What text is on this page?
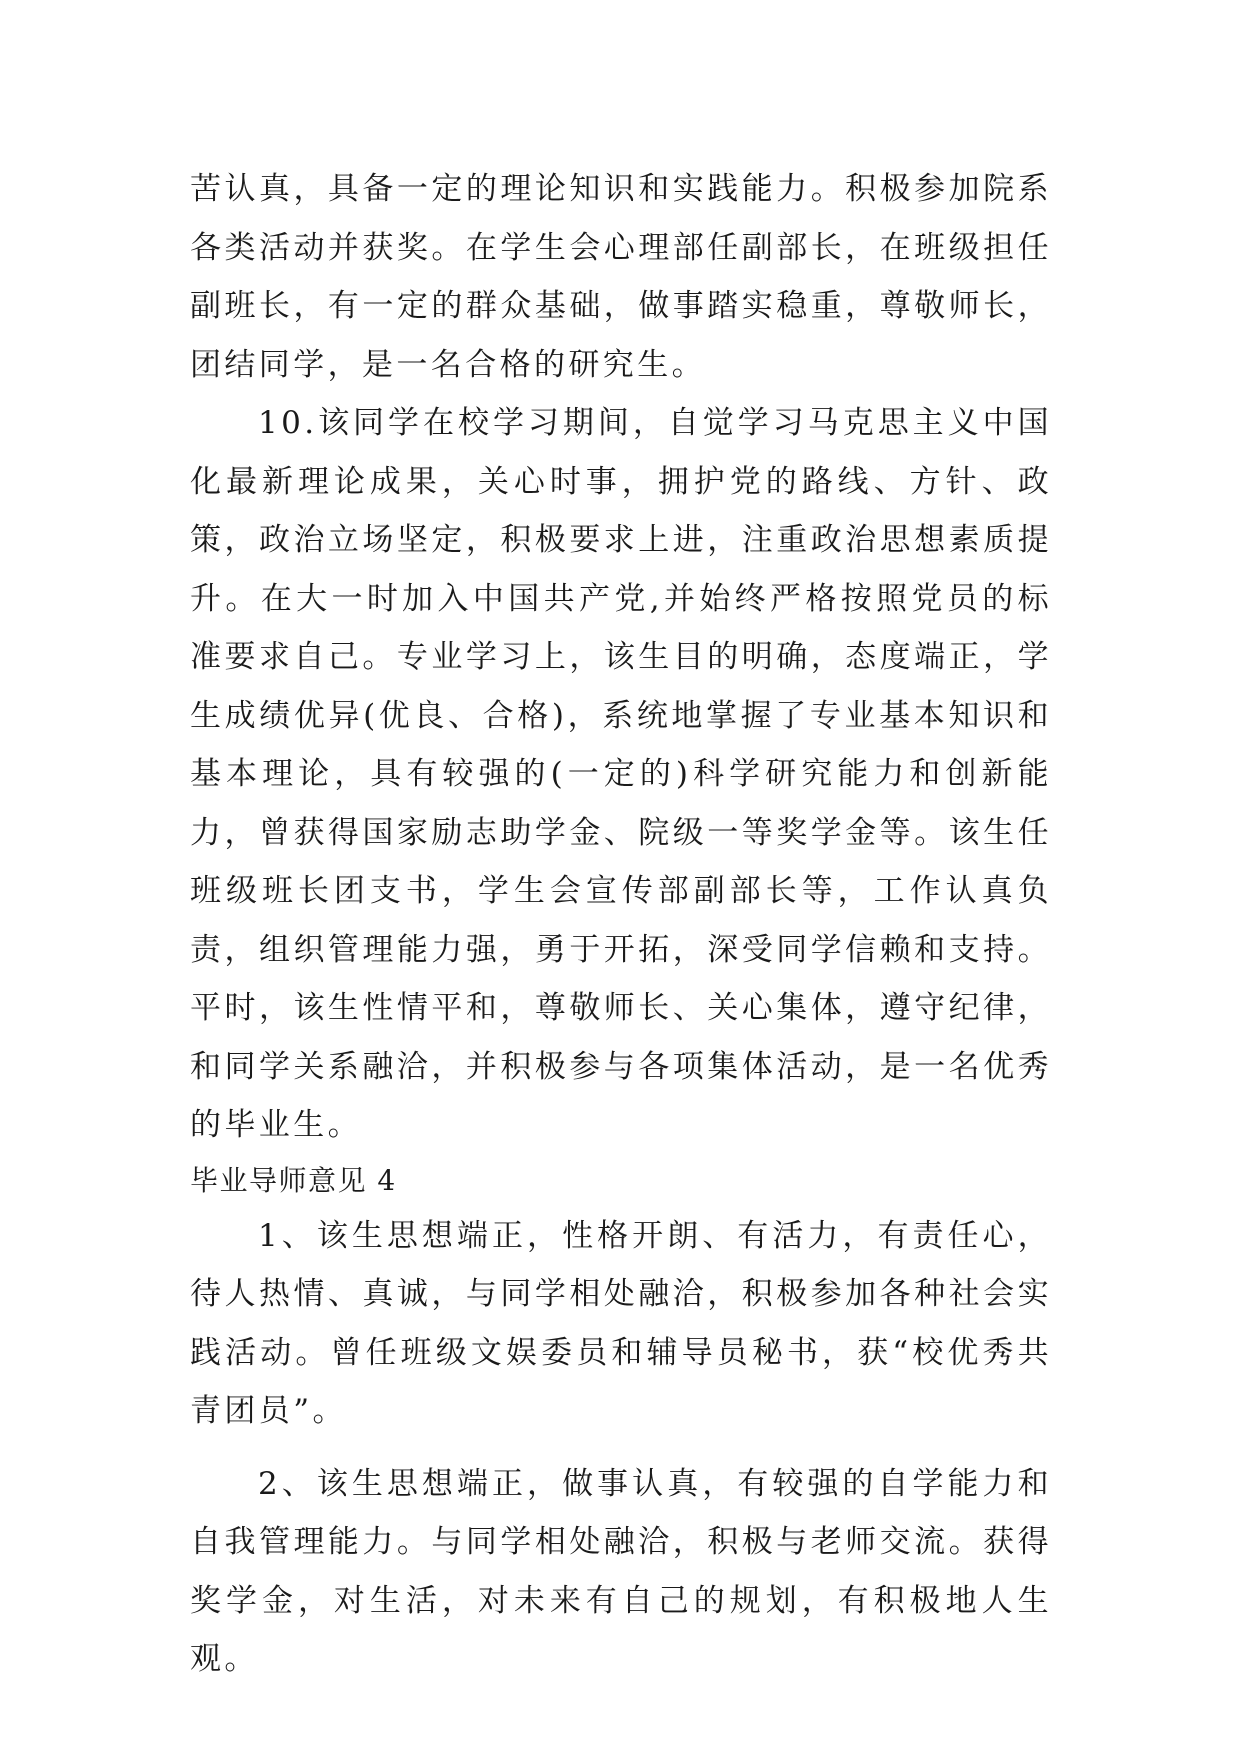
苦认真，具备一定的理论知识和实践能力。积极参加院系各类活动并获奖。在学生会心理部任副部长，在班级担任副班长，有一定的群众基础，做事踏实稳重，尊敬师长，团结同学，是一名合格的研究生。

10.该同学在校学习期间，自觉学习马克思主义中国化最新理论成果，关心时事，拥护党的路线、方针、政策，政治立场坚定，积极要求上进，注重政治思想素质提升。在大一时加入中国共产党,并始终严格按照党员的标准要求自己。专业学习上，该生目的明确，态度端正，学生成绩优异(优良、合格)，系统地掌握了专业基本知识和基本理论，具有较强的(一定的)科学研究能力和创新能力，曾获得国家励志助学金、院级一等奖学金等。该生任班级班长团支书，学生会宣传部副部长等，工作认真负责，组织管理能力强，勇于开拓，深受同学信赖和支持。平时，该生性情平和，尊敬师长、关心集体，遵守纪律，和同学关系融洽，并积极参与各项集体活动，是一名优秀的毕业生。

毕业导师意见 4

1、该生思想端正，性格开朗、有活力，有责任心，待人热情、真诚，与同学相处融洽，积极参加各种社会实践活动。曾任班级文娱委员和辅导员秘书，获“校优秀共青团员”。

2、该生思想端正，做事认真，有较强的自学能力和自我管理能力。与同学相处融洽，积极与老师交流。获得奖学金，对生活，对未来有自己的规划，有积极地人生观。
